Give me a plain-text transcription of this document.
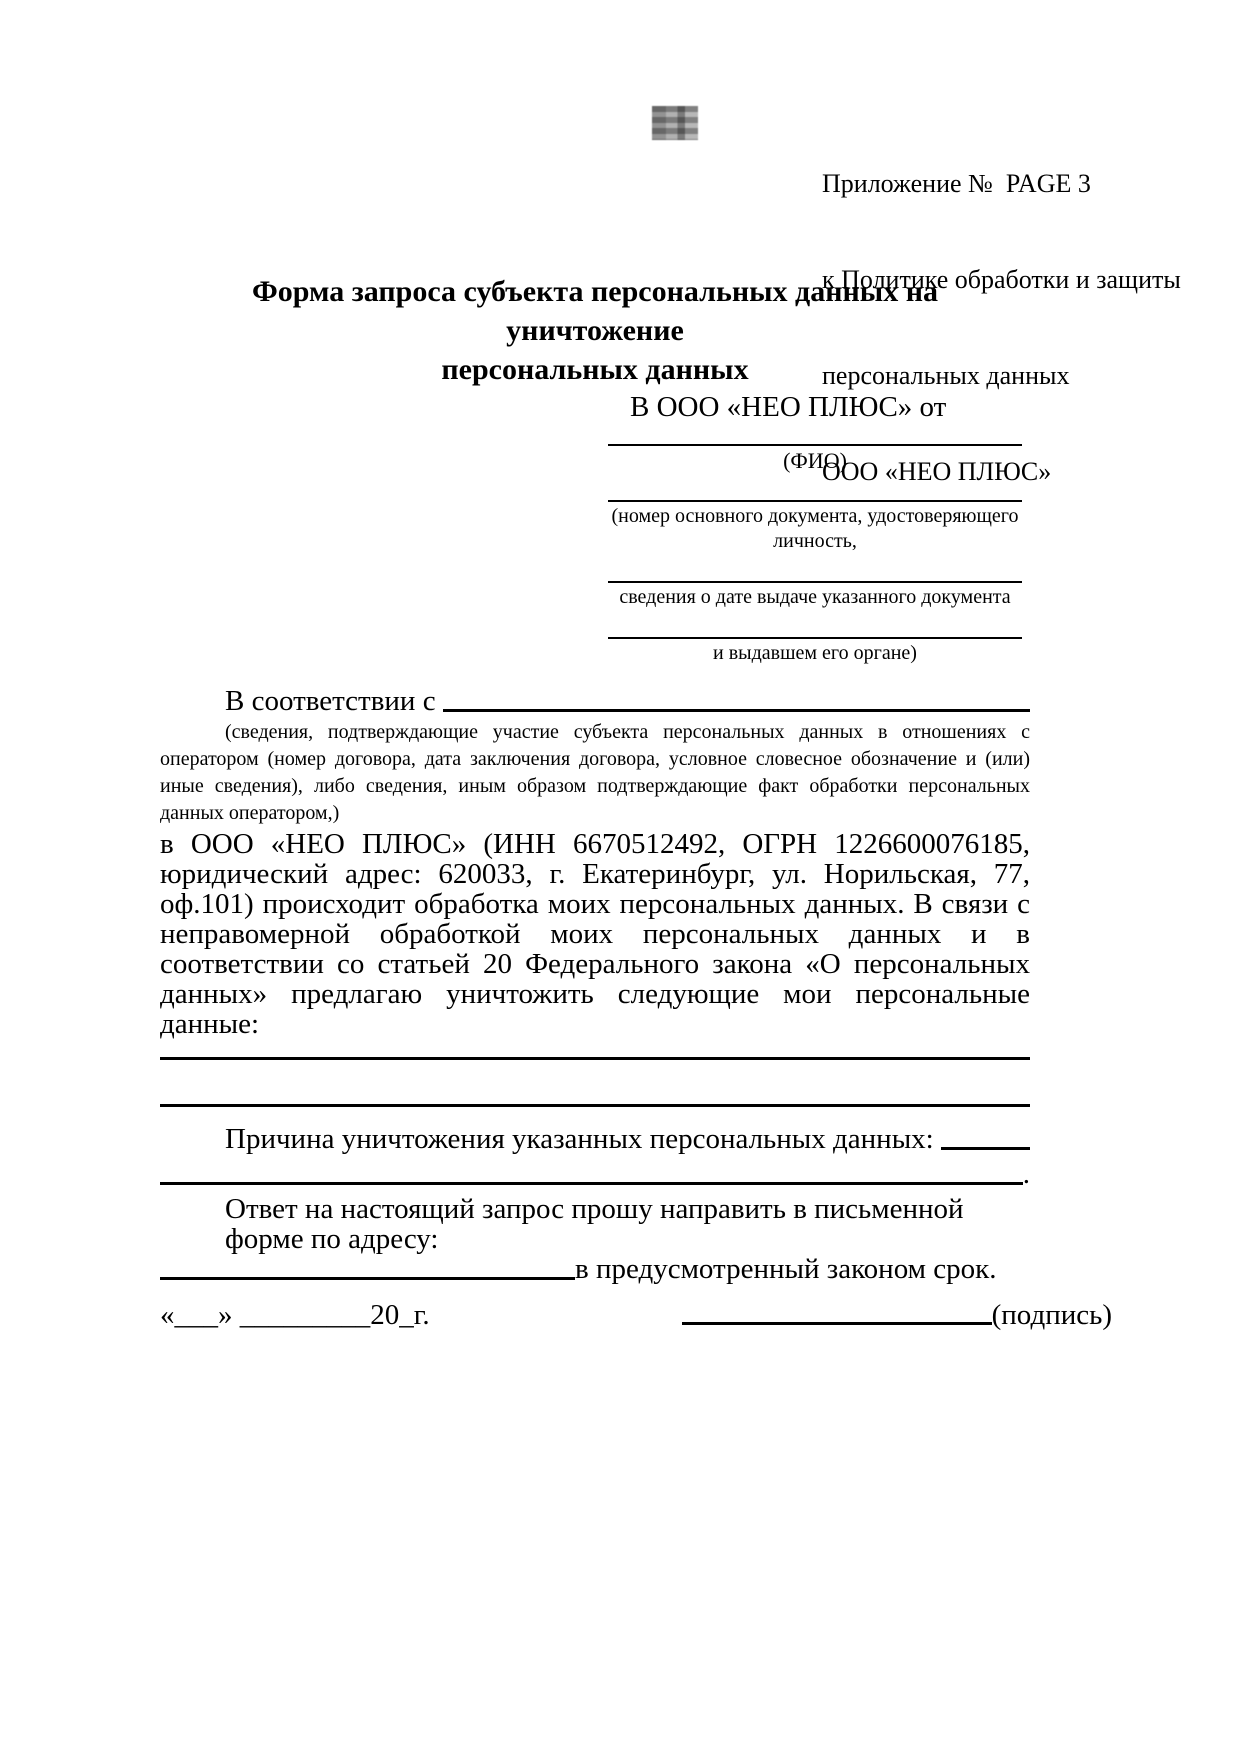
Приложение №  PAGE 3

к Политике обработки и защиты

персональных данных

ООО «НЕО ПЛЮС»

Форма запроса субъекта персональных данных на уничтожение
персональных данных
В ООО «НЕО ПЛЮС» от
(ФИО)
(номер основного документа, удостоверяющего личность,
сведения о дате выдаче указанного документа
и выдавшем его органе)
В соответствии с
(сведения, подтверждающие участие субъекта персональных данных в отношениях с оператором (номер договора, дата заключения договора, условное словесное обозначение и (или) иные сведения), либо сведения, иным образом подтверждающие факт обработки персональных данных оператором,)
в ООО «НЕО ПЛЮС» (ИНН 6670512492, ОГРН 1226600076185, юридический адрес: 620033, г. Екатеринбург, ул. Норильская, 77, оф.101) происходит обработка моих персональных данных. В связи с неправомерной обработкой моих персональных данных и в соответствии со статьей 20 Федерального закона «О персональных данных» предлагаю уничтожить следующие мои персональные данные:
Причина уничтожения указанных персональных данных:
.
Ответ на настоящий запрос прошу направить в письменной форме по адресу:
в предусмотренный законом срок.
«___» _________20_г.	(подпись)
